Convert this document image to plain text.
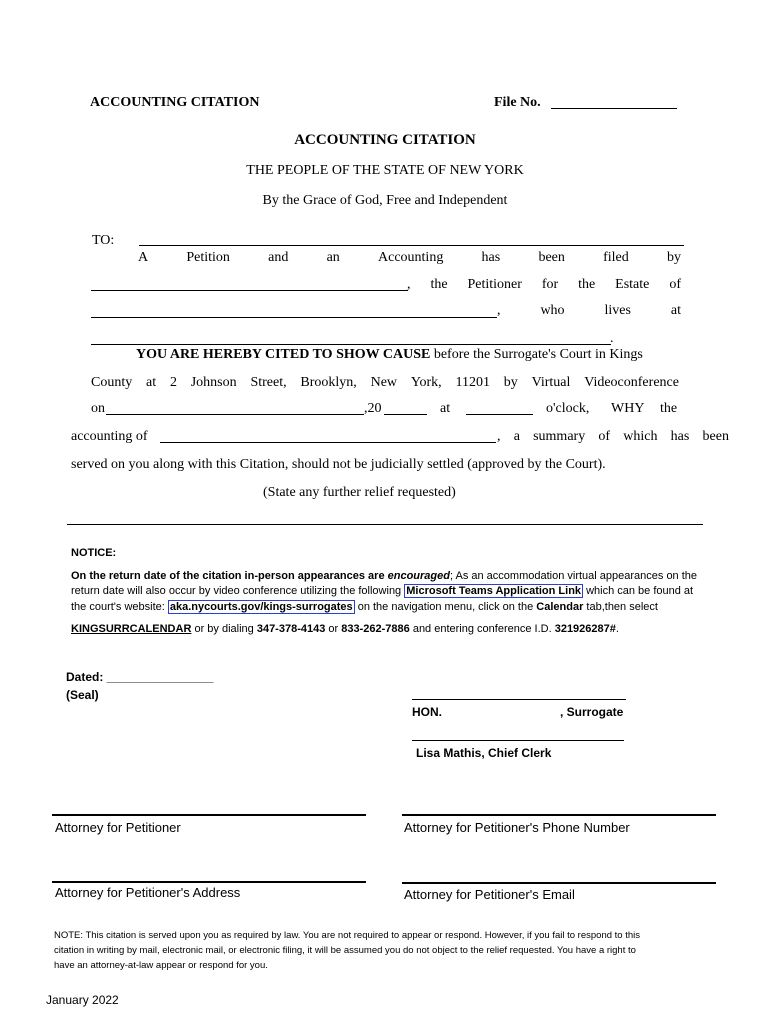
ACCOUNTING CITATION	File No.
ACCOUNTING CITATION
THE PEOPLE OF THE STATE OF NEW YORK
By the Grace of God, Free and Independent
TO:
A	Petition	and	an	Accounting	has	been	filed	by
, the Petitioner for the Estate of
,	who	lives	at
.
YOU ARE HEREBY CITED TO SHOW CAUSE before the Surrogate's Court in Kings
County at 2 Johnson Street, Brooklyn, New York, 11201 by Virtual Videoconference
on	,20	at	o'clock, WHY the
accounting of	, a summary of which has been
served on you along with this Citation, should not be judicially settled (approved by the Court).
(State any further relief requested)
NOTICE:
On the return date of the citation in-person appearances are encouraged; As an accommodation virtual appearances on the
return date will also occur by video conference utilizing the following Microsoft Teams Application Link which can be found at
the court's website: aka.nycourts.gov/kings-surrogates on the navigation menu, click on the Calendar tab,then select
KINGSURRCALENDAR or by dialing 347-378-4143 or 833-262-7886 and entering conference I.D. 321926287#.
Dated: ________________
(Seal)
HON.	, Surrogate
Lisa Mathis, Chief Clerk
Attorney for Petitioner	Attorney for Petitioner's Phone Number
Attorney for Petitioner's Address	Attorney for Petitioner's Email
NOTE: This citation is served upon you as required by law. You are not required to appear or respond. However, if you fail to respond to this
citation in writing by mail, electronic mail, or electronic filing, it will be assumed you do not object to the relief requested. You have a right to
have an attorney-at-law appear or respond for you.
January 2022
